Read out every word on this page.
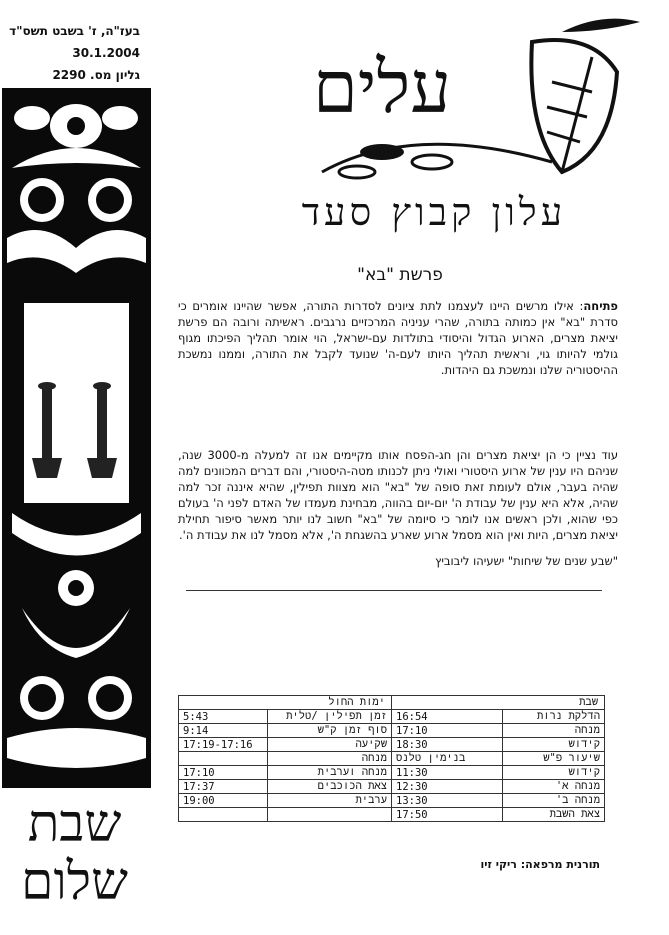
בעז"ה, ז' בשבט תשס"ד
30.1.2004
גליון מס. 2290
שבת
שלום
עלים
עלון קבוץ סעד
פרשת "בא"
פתיחה: אילו מרשים היינו לעצמנו לתת ציונים לסדרות התורה, אפשר שהיינו אומרים כי סדרת "בא" אין כמותה בתורה, שהרי עניניה המרכזיים נרגבים. ראשיתה ורובה הם פרשת יציאת מצרים, הארוע הגדול והיסודי בתולדות עם-ישראל, הוי אומר תהליך הפיכתו מגוף גולמי להיותו גוי, וראשית תהליך היותו לעם-ה' שנועד לקבל את התורה, וממנו נמשכת ההיסטוריה שלנו ונמשכת גם היהדות.
עוד נציין כי הן יציאת מצרים והן חג-הפסח אותו מקיימים אנו זה למעלה מ-3000 שנה, שניהם היו ענין של ארוע היסטורי ואולי ניתן לכנותו מטה-היסטורי, והם דברים המכוונים למה שהיה בעבר, אולם לעומת זאת סופה של "בא" הוא מצוות תפילין, שהיא איננה זכר למה שהיה, אלא היא ענין של עבודת ה' יום-יום בהווה, מבחינת מעמדו של האדם לפני ה' בעולם כפי שהוא, ולכן ראשים אנו לומר כי סיומה של "בא" חשוב לנו יותר מאשר סיפור תחילת יציאת מצרים, היות ואין הוא מסמל ארוע שארע בהשגחת ה', אלא מסמל לנו את עבודת ה'.
"שבע שנים של שיחות" ישעיהו ליבוביץ
שבת		ימות החול	
הדלקת נרות	16:54	זמן תפילין /טלית	5:43
מנחה	17:10	סוף זמן ק"ש	9:14
קידוש	18:30	שקיעה	17:19-17:16
שיעור פ"ש	בנימין טלנס	מנחה	
קידוש	11:30	מנחה וערבית	17:10
מנחה א'	12:30	צאת הכוכבים	17:37
מנחה ב'	13:30	ערבית	19:00
צאת השבת	17:50		
תורנית מרפאה: ריקי זיו
